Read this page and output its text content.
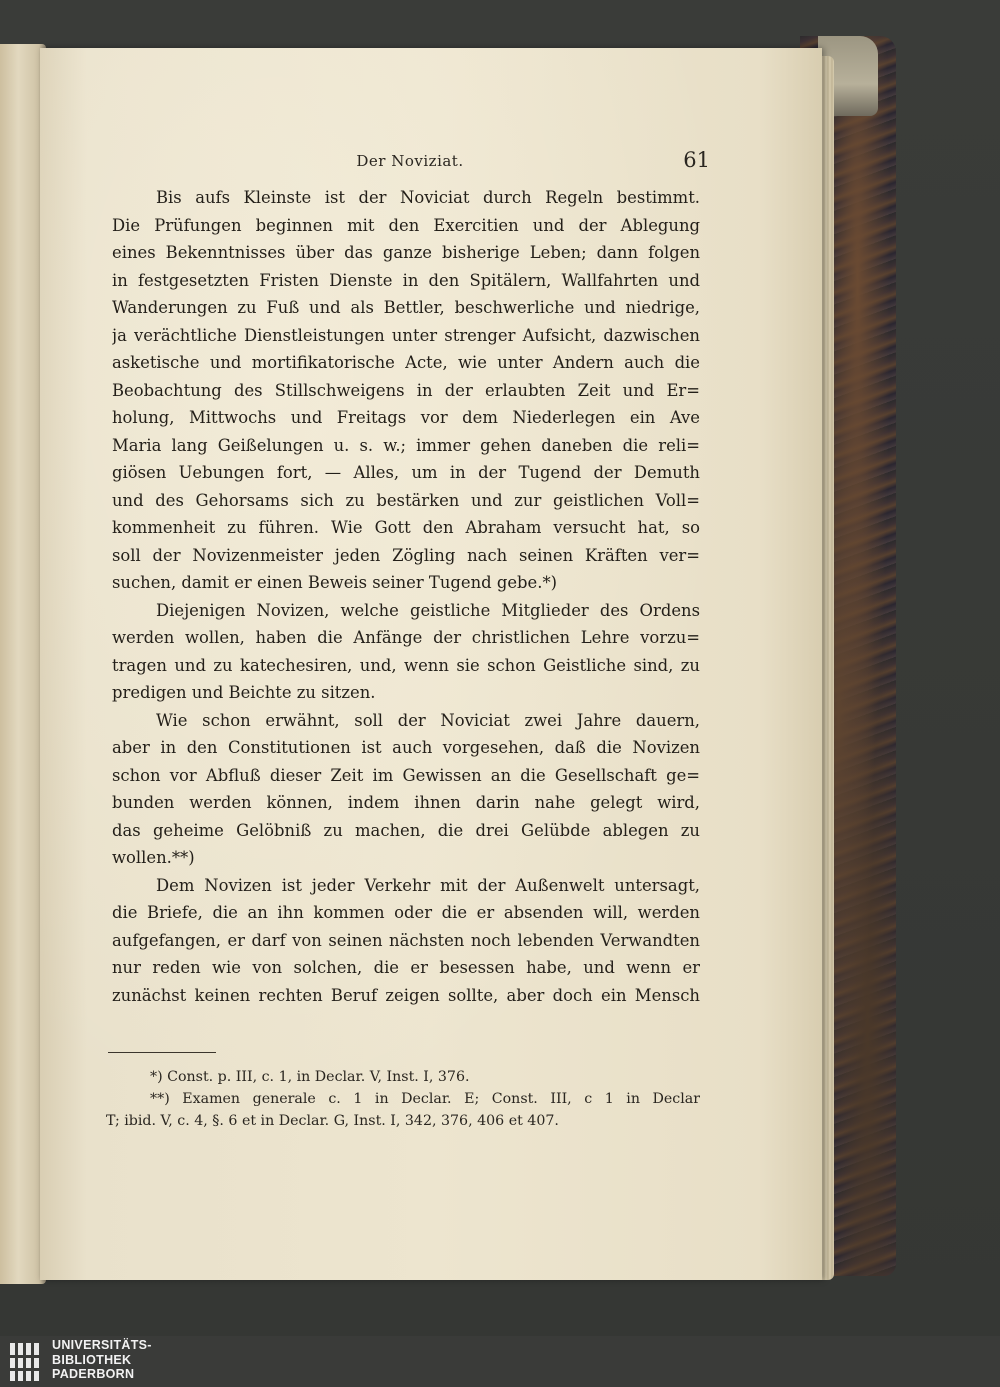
Der Noviziat.	61
Bis aufs Kleinste ist der Noviciat durch Regeln bestimmt.
Die Prüfungen beginnen mit den Exercitien und der Ablegung
eines Bekenntnisses über das ganze bisherige Leben; dann folgen
in festgesetzten Fristen Dienste in den Spitälern, Wallfahrten und
Wanderungen zu Fuß und als Bettler, beschwerliche und niedrige,
ja verächtliche Dienstleistungen unter strenger Aufsicht, dazwischen
asketische und mortifikatorische Acte, wie unter Andern auch die
Beobachtung des Stillschweigens in der erlaubten Zeit und Er=
holung, Mittwochs und Freitags vor dem Niederlegen ein Ave
Maria lang Geißelungen u. s. w.; immer gehen daneben die reli=
giösen Uebungen fort, — Alles, um in der Tugend der Demuth
und des Gehorsams sich zu bestärken und zur geistlichen Voll=
kommenheit zu führen. Wie Gott den Abraham versucht hat, so
soll der Novizenmeister jeden Zögling nach seinen Kräften ver=
suchen, damit er einen Beweis seiner Tugend gebe.*)
Diejenigen Novizen, welche geistliche Mitglieder des Ordens
werden wollen, haben die Anfänge der christlichen Lehre vorzu=
tragen und zu katechesiren, und, wenn sie schon Geistliche sind, zu
predigen und Beichte zu sitzen.
Wie schon erwähnt, soll der Noviciat zwei Jahre dauern,
aber in den Constitutionen ist auch vorgesehen, daß die Novizen
schon vor Abfluß dieser Zeit im Gewissen an die Gesellschaft ge=
bunden werden können, indem ihnen darin nahe gelegt wird,
das geheime Gelöbniß zu machen, die drei Gelübde ablegen zu
wollen.**)
Dem Novizen ist jeder Verkehr mit der Außenwelt untersagt,
die Briefe, die an ihn kommen oder die er absenden will, werden
aufgefangen, er darf von seinen nächsten noch lebenden Verwandten
nur reden wie von solchen, die er besessen habe, und wenn er
zunächst keinen rechten Beruf zeigen sollte, aber doch ein Mensch
*) Const. p. III, c. 1, in Declar. V, Inst. I, 376.
**) Examen generale c. 1 in Declar. E; Const. III, c 1 in Declar
T; ibid. V, c. 4, §. 6 et in Declar. G, Inst. I, 342, 376, 406 et 407.
UNIVERSITÄTS-
BIBLIOTHEK
PADERBORN
